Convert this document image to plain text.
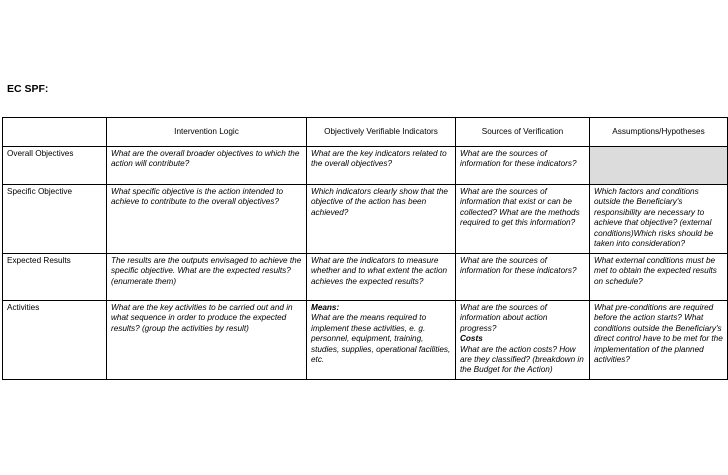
EC SPF:
	Intervention Logic	Objectively Verifiable Indicators	Sources of Verification	Assumptions/Hypotheses
Overall Objectives	What are the overall broader objectives to which the action will contribute?	What are the key indicators related to the overall objectives?	What are the sources of information for these indicators?	
Specific Objective	What specific objective is the action intended to achieve to contribute to the overall objectives?	Which indicators clearly show that the objective of the action has been achieved?	What are the sources of information that exist or can be collected? What are the methods required to get this information?	Which factors and conditions outside the Beneficiary's responsibility are necessary to achieve that objective? (external conditions)Which risks should be taken into consideration?
Expected Results	The results are the outputs envisaged to achieve the specific objective. What are the expected results? (enumerate them)	What are the indicators to measure whether and to what extent the action achieves the expected results?	What are the sources of information for these indicators?	What external conditions must be met to obtain the expected results on schedule?
Activities	What are the key activities to be carried out and in what sequence in order to produce the expected results? (group the activities by result)	Means:
What are the means required to implement these activities, e. g. personnel, equipment, training, studies, supplies, operational facilities, etc.	What are the sources of information about action progress?
Costs
What are the action costs? How are they classified? (breakdown in the Budget for the Action)	What pre-conditions are required before the action starts? What conditions outside the Beneficiary's direct control have to be met for the implementation of the planned activities?
